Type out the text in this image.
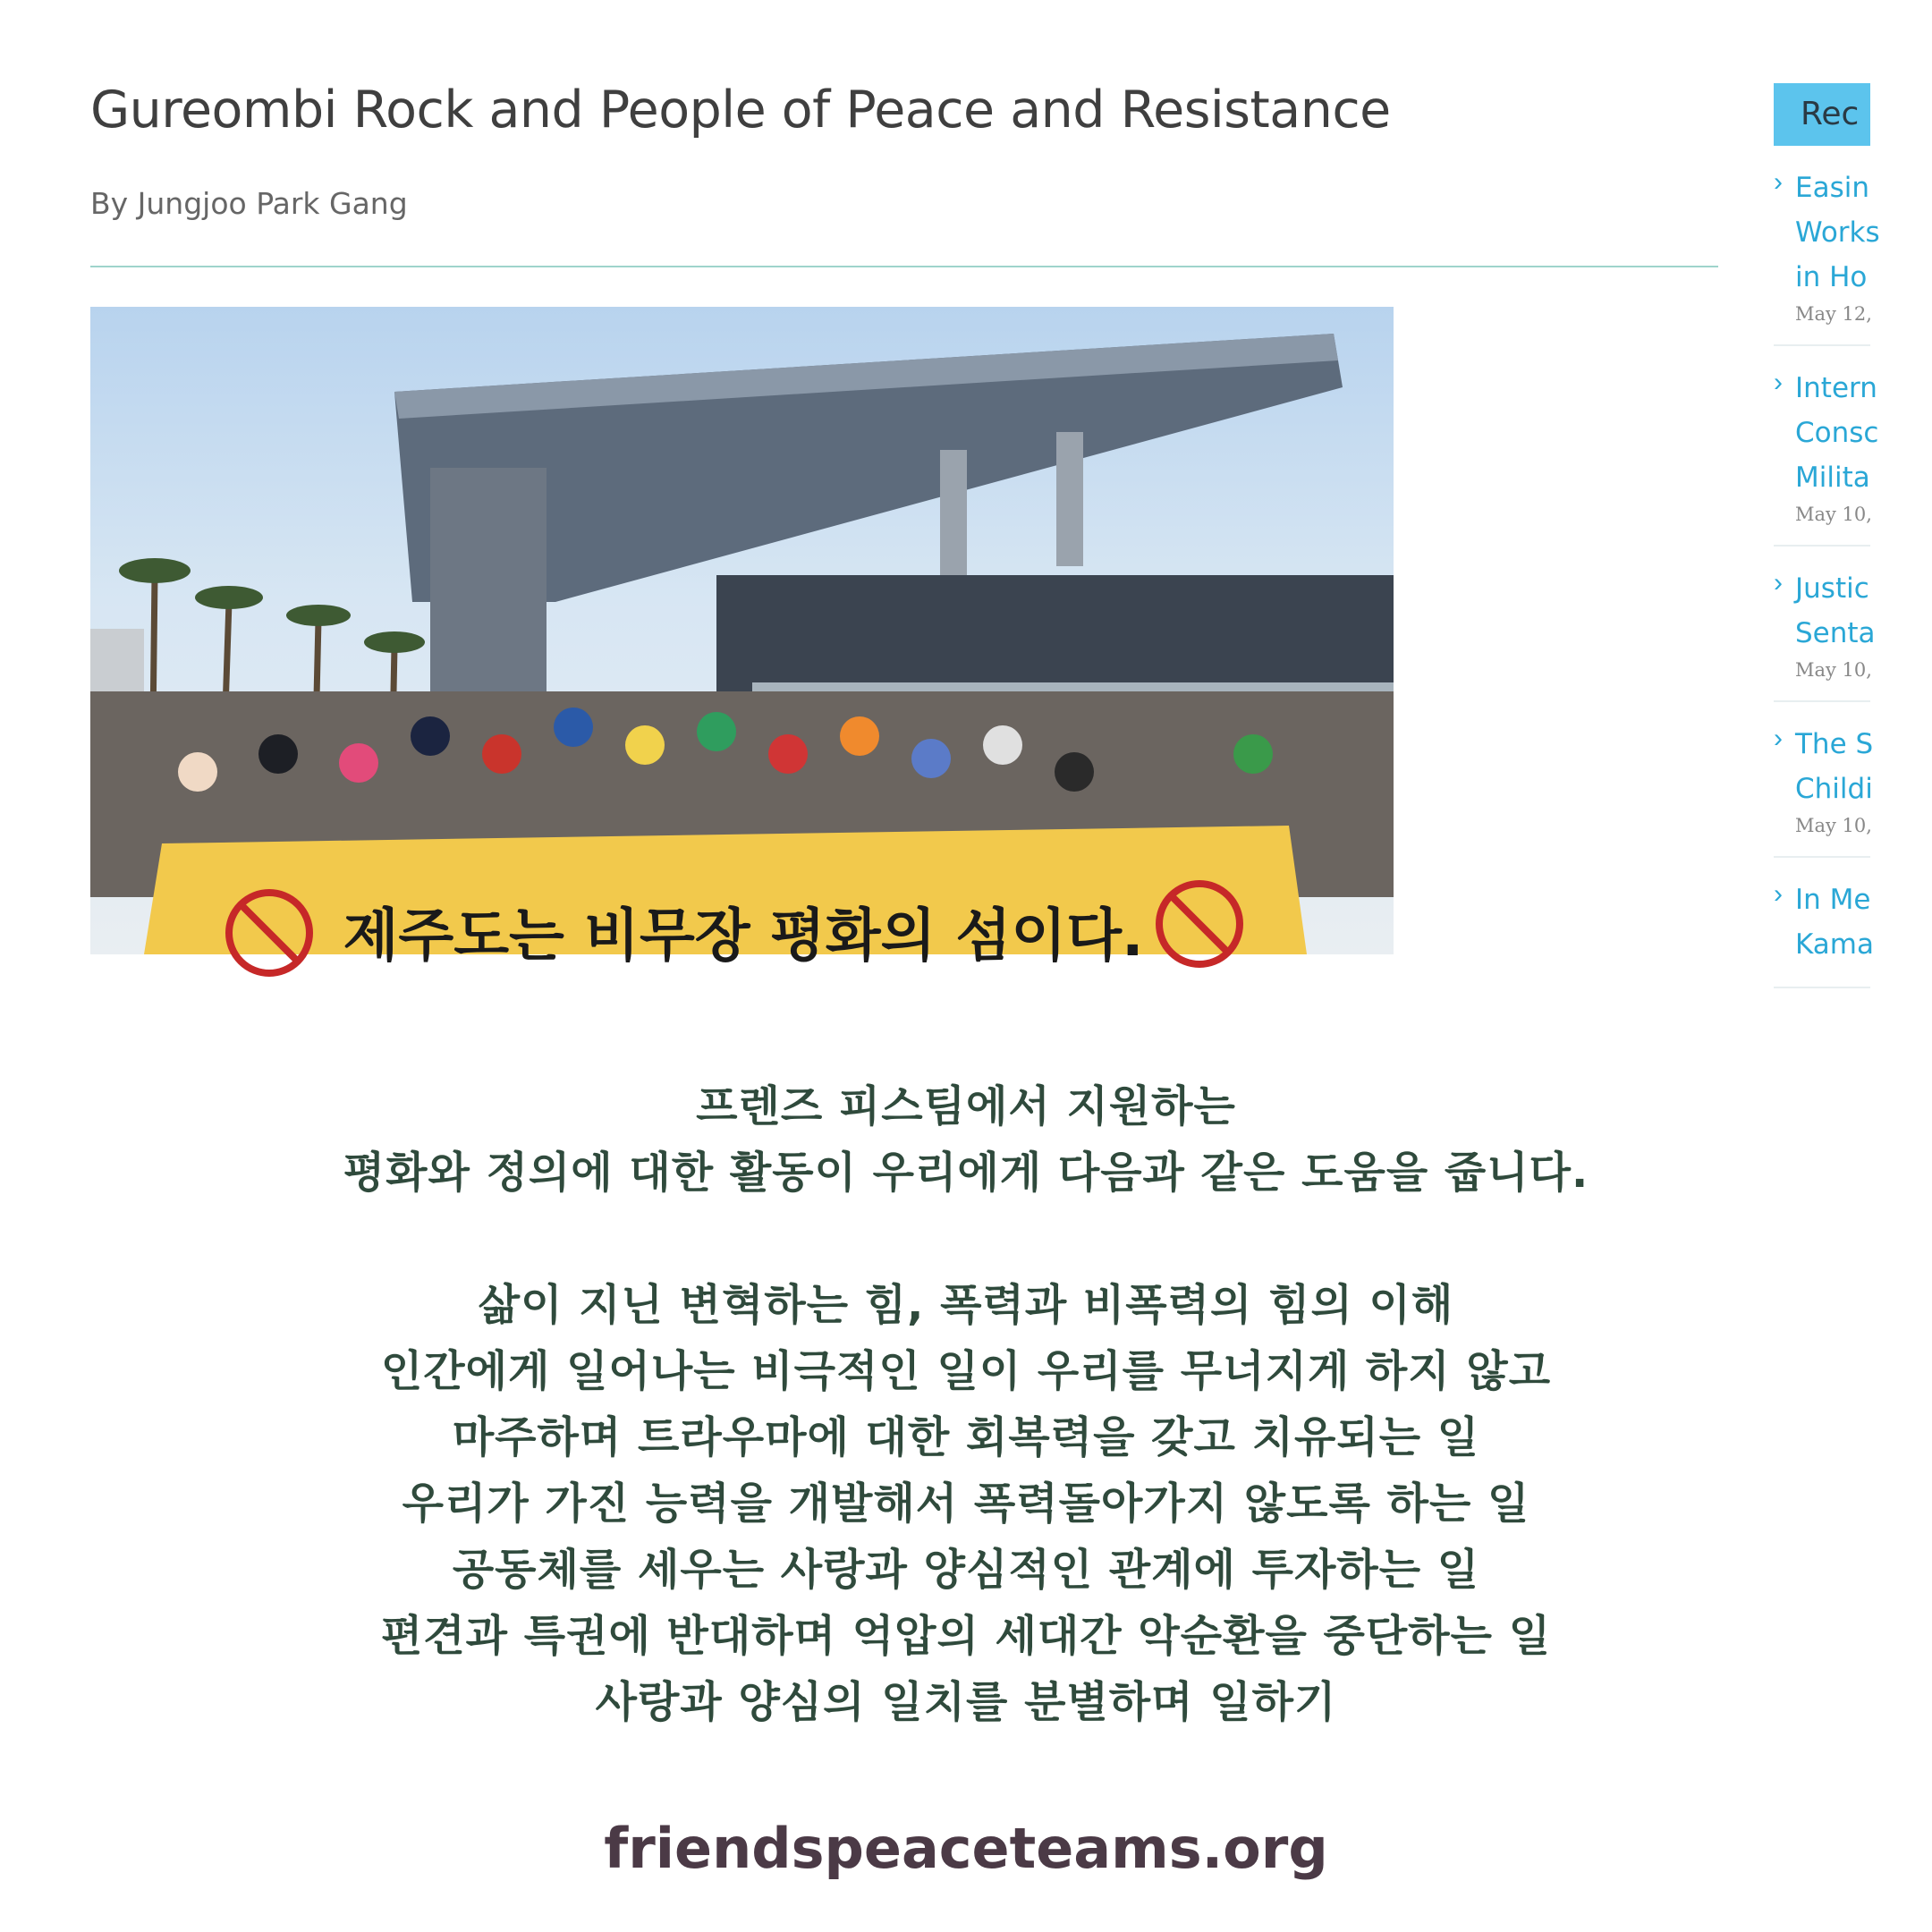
Gureombi Rock and People of Peace and Resistance
By Jungjoo Park Gang
제주도는 비무장 평화의 섬이다.
Rec
› Easin
Works
in Ho
May 12,
› Intern
Consc
Milita
May 10,
› Justic
Senta
May 10,
› The S
Childi
May 10,
› In Me
Kama
프렌즈 피스팀에서 지원하는
평화와 정의에 대한 활동이 우리에게 다음과 같은 도움을 줍니다.
삶이 지닌 변혁하는 힘, 폭력과 비폭력의 힘의 이해
인간에게 일어나는 비극적인 일이 우리를 무너지게 하지 않고
마주하며 트라우마에 대한 회복력을 갖고 치유되는 일
우리가 가진 능력을 개발해서 폭력돌아가지 않도록 하는 일
공동체를 세우는 사랑과 양심적인 관계에 투자하는 일
편견과 특권에 반대하며 억압의 세대간 악순환을 중단하는 일
사랑과 양심의 일치를 분별하며 일하기
friendspeaceteams.org
